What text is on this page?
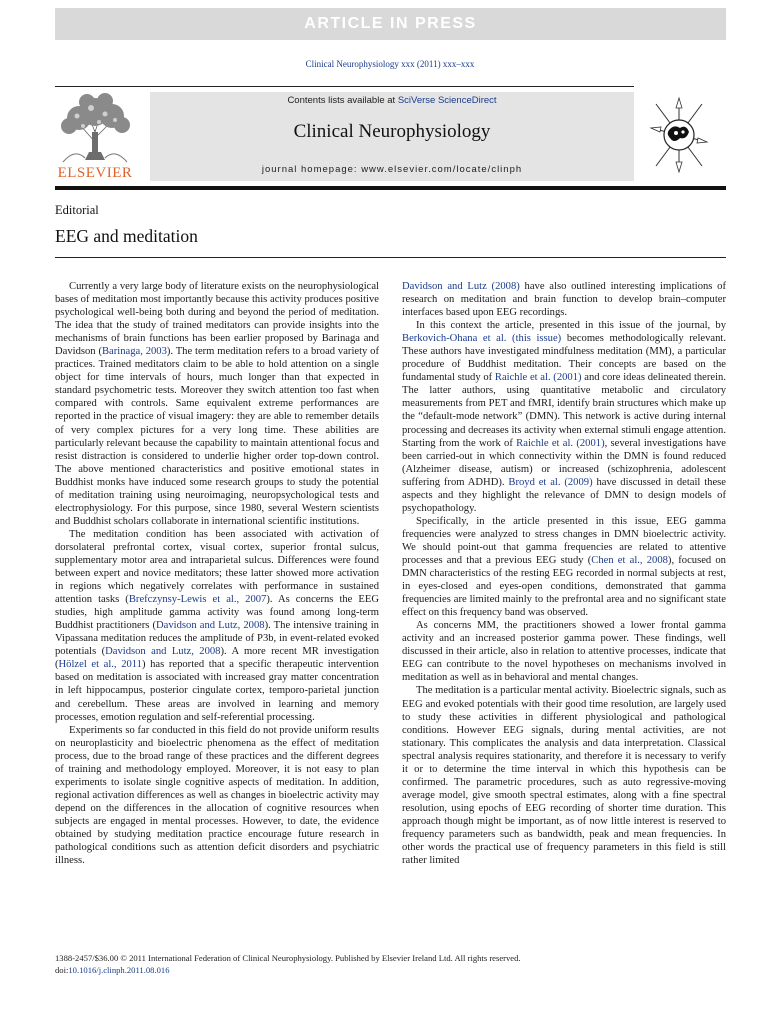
ARTICLE IN PRESS
Clinical Neurophysiology xxx (2011) xxx–xxx
ELSEVIER
Contents lists available at SciVerse ScienceDirect
Clinical Neurophysiology
journal homepage: www.elsevier.com/locate/clinph
Editorial
EEG and meditation

Currently a very large body of literature exists on the neurophysiological bases of meditation most importantly because this activity produces positive psychological well-being both during and beyond the period of meditation. The idea that the study of trained meditators can provide insights into the mechanisms of brain functions has been earlier proposed by Barinaga and Davidson (Barinaga, 2003). The term meditation refers to a broad variety of practices. Trained meditators claim to be able to hold attention on a single object for time intervals of hours, much longer than that expected in standard psychometric tests. Moreover they switch attention too fast when compared with controls. Same equivalent extreme performances are reported in the practice of visual imagery: they are able to remember details of very complex pictures for a very long time. These abilities are particularly relevant because the capability to maintain attentional focus and resist distraction is considered to underlie higher order top-down control. The above mentioned characteristics and positive emotional states in Buddhist monks have induced some research groups to study the potential of meditation training using neuroimaging, neuropsychological tests and electrophysiology. For this purpose, since 1980, several Western scientists and Buddhist scholars collaborate in international scientific institutions.

The meditation condition has been associated with activation of dorsolateral prefrontal cortex, visual cortex, superior frontal sulcus, supplementary motor area and intraparietal sulcus. Differences were found between expert and novice meditators; these latter showed more activation in regions which negatively correlates with performance in sustained attention tasks (Brefczynsy-Lewis et al., 2007). As concerns the EEG studies, high amplitude gamma activity was found among long-term Buddhist practitioners (Davidson and Lutz, 2008). The intensive training in Vipassana meditation reduces the amplitude of P3b, in event-related evoked potentials (Davidson and Lutz, 2008). A more recent MR investigation (Hölzel et al., 2011) has reported that a specific therapeutic intervention based on meditation is associated with increased gray matter concentration in left hippocampus, posterior cingulate cortex, temporo-parietal junction and cerebellum. These areas are involved in learning and memory processes, emotion regulation and self-referential processing.

Experiments so far conducted in this field do not provide uniform results on neuroplasticity and bioelectric phenomena as the effect of meditation process, due to the broad range of these practices and the different degrees of training and methodology employed. Moreover, it is not easy to plan experiments to isolate single cognitive aspects of meditation. In addition, regional activation differences as well as changes in bioelectric activity may depend on the differences in the allocation of cognitive resources when subjects are engaged in mental processes. However, to date, the evidence obtained by studying meditation practice encourage future research in pathological conditions such as attention deficit disorders and psychiatric illness.

Davidson and Lutz (2008) have also outlined interesting implications of research on meditation and brain function to develop brain–computer interfaces based upon EEG recordings.

In this context the article, presented in this issue of the journal, by Berkovich-Ohana et al. (this issue) becomes methodologically relevant. These authors have investigated mindfulness meditation (MM), a particular procedure of Buddhist meditation. Their concepts are based on the fundamental study of Raichle et al. (2001) and core ideas delineated therein. The latter authors, using quantitative metabolic and circulatory measurements from PET and fMRI, identify brain structures which make up the “default-mode network” (DMN). This network is active during internal processing and decreases its activity when external stimuli engage attention. Starting from the work of Raichle et al. (2001), several investigations have been carried-out in which connectivity within the DMN is found reduced (Alzheimer disease, autism) or increased (schizophrenia, adolescent suffering from ADHD). Broyd et al. (2009) have discussed in detail these aspects and they highlight the relevance of DMN to design models of psychopathology.

Specifically, in the article presented in this issue, EEG gamma frequencies were analyzed to stress changes in DMN bioelectric activity. We should point-out that gamma frequencies are related to attentive processes and that a previous EEG study (Chen et al., 2008), focused on DMN characteristics of the resting EEG recorded in normal subjects at rest, in eyes-closed and eyes-open conditions, demonstrated that gamma frequencies are limited mainly to the prefrontal area and no significant state effect on this frequency band was observed.

As concerns MM, the practitioners showed a lower frontal gamma activity and an increased posterior gamma power. These findings, well discussed in their article, also in relation to attentive processes, indicate that EEG can contribute to the novel hypotheses on mechanisms involved in meditation as well as in behavioral and mental changes.

The meditation is a particular mental activity. Bioelectric signals, such as EEG and evoked potentials with their good time resolution, are largely used to study these activities in different physiological and pathological conditions. However EEG signals, during mental activities, are not stationary. This complicates the analysis and data interpretation. Classical spectral analysis requires stationarity, and therefore it is necessary to verify it or to determine the time interval in which this hypothesis can be confirmed. The parametric procedures, such as auto regressive-moving average model, give smooth spectral estimates, along with a fine spectral resolution, using epochs of EEG recording of shorter time duration. This approach though might be important, as of now little interest is reserved to frequency parameters such as bandwidth, peak and mean frequencies. In other words the practical use of frequency parameters in this field is still rather limited

1388-2457/$36.00 © 2011 International Federation of Clinical Neurophysiology. Published by Elsevier Ireland Ltd. All rights reserved.
doi:10.1016/j.clinph.2011.08.016
